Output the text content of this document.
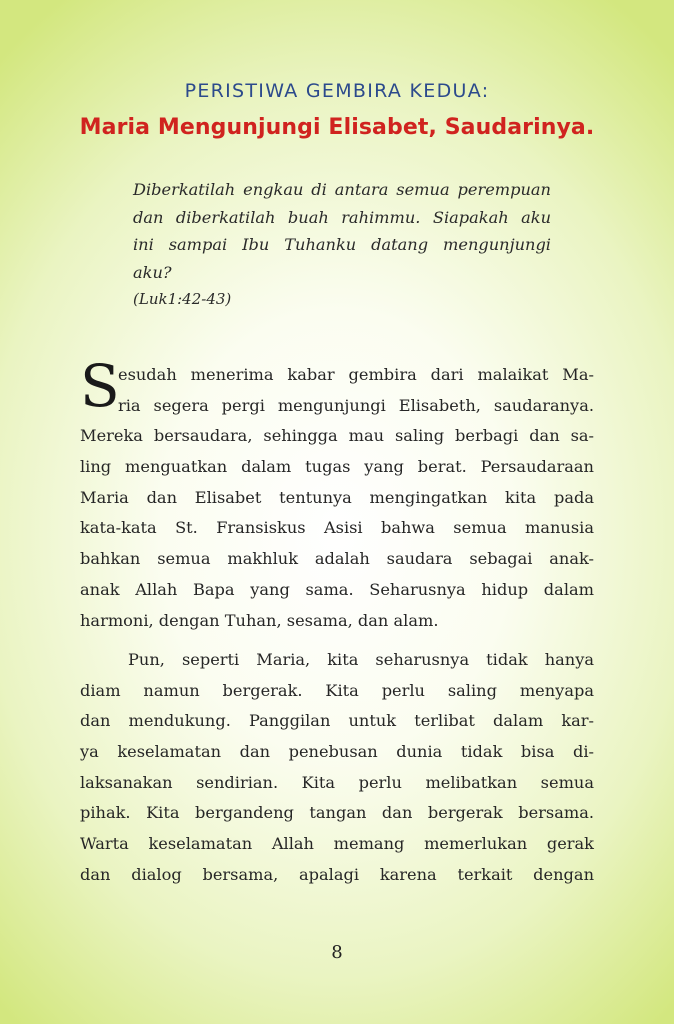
PERISTIWA GEMBIRA KEDUA:
Maria Mengunjungi Elisabet, Saudarinya.
Diberkatilah engkau di antara semua perempuan
dan diberkatilah buah rahimmu. Siapakah aku
ini sampai Ibu Tuhanku datang mengunjungi
aku?
(Luk1:42-43)
S
esudah menerima kabar gembira dari malaikat Ma-
ria segera pergi mengunjungi Elisabeth, saudaranya.
Mereka bersaudara, sehingga mau saling berbagi dan sa-
ling menguatkan dalam tugas yang berat. Persaudaraan
Maria dan Elisabet tentunya mengingatkan kita pada
kata-kata St. Fransiskus Asisi bahwa semua manusia
bahkan semua makhluk adalah saudara sebagai anak-
anak Allah Bapa yang sama. Seharusnya hidup dalam
harmoni, dengan Tuhan, sesama, dan alam.
Pun, seperti Maria, kita seharusnya tidak hanya
diam namun bergerak. Kita perlu saling menyapa
dan mendukung. Panggilan untuk terlibat dalam kar-
ya keselamatan dan penebusan dunia tidak bisa di-
laksanakan sendirian. Kita perlu melibatkan semua
pihak. Kita bergandeng tangan dan bergerak bersama.
Warta keselamatan Allah memang memerlukan gerak
dan dialog bersama, apalagi karena terkait dengan
8
